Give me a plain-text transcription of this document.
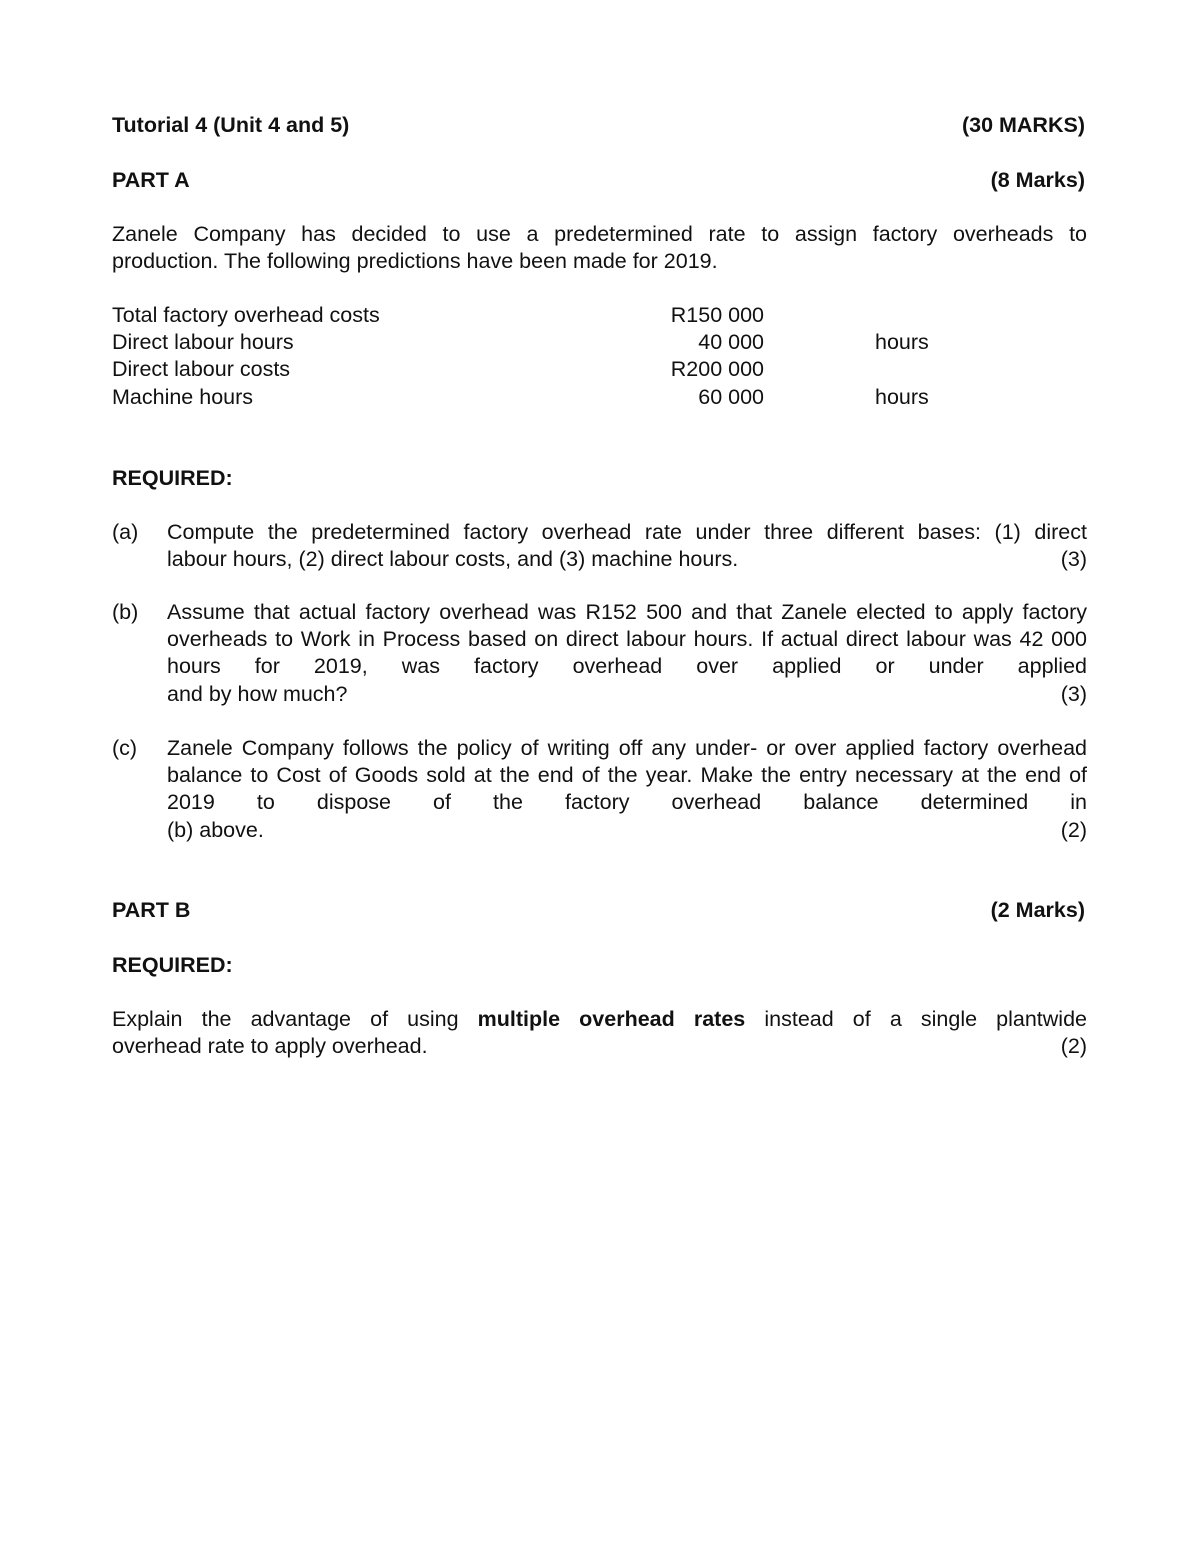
Tutorial 4 (Unit 4 and 5)	(30 MARKS)
PART A	(8 Marks)
Zanele Company has decided to use a predetermined rate to assign factory overheads to
production. The following predictions have been made for 2019.
Total factory overhead costs	R150 000
Direct labour hours	40 000	hours
Direct labour costs	R200 000
Machine hours	60 000	hours
REQUIRED:
(a)	Compute the predetermined factory overhead rate under three different bases: (1) direct
labour hours, (2) direct labour costs, and (3) machine hours.	(3)
(b)	Assume that actual factory overhead was R152 500 and that Zanele elected to apply factory overheads to Work in Process based on direct labour hours. If actual direct labour was 42 000 hours for 2019, was factory overhead over applied or under applied
and by how much?	(3)
(c)	Zanele Company follows the policy of writing off any under- or over applied factory overhead balance to Cost of Goods sold at the end of the year. Make the entry necessary at the end of 2019 to dispose of the factory overhead balance determined in
(b) above.	(2)
PART B	(2 Marks)
REQUIRED:
Explain the advantage of using multiple overhead rates instead of a single plantwide
overhead rate to apply overhead.	(2)
